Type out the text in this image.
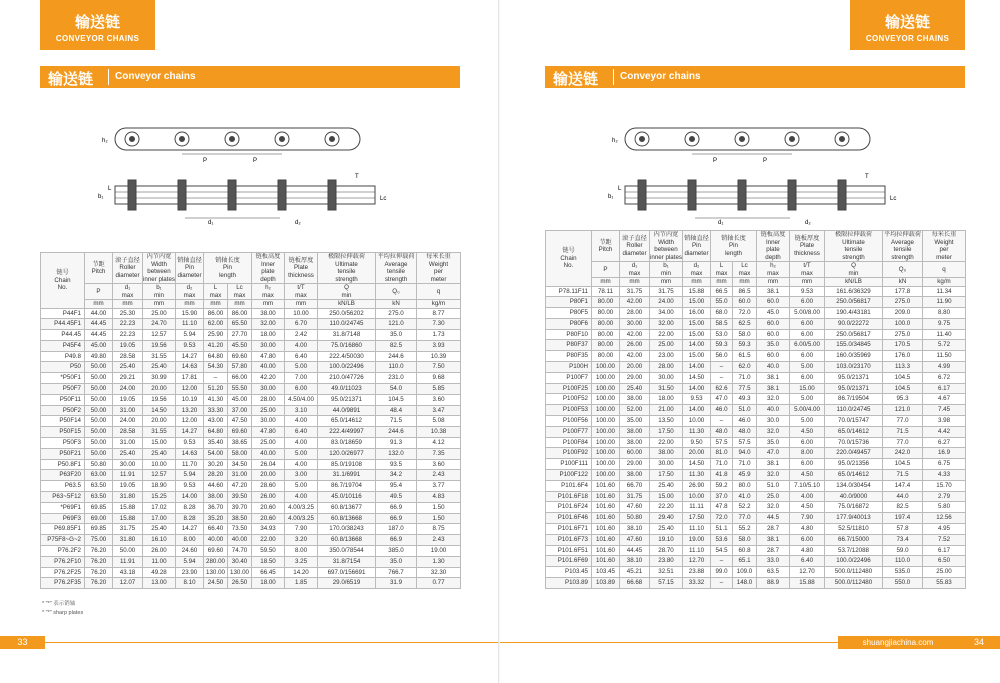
输送链
CONVEYOR CHAINS
输送链 Conveyor chains
P	P
h₂
d₁	d₂
b₁
L
Lc
T
链号
Chain
No.	节距
Pitch	滚子直径
Roller
diameter	内节内宽
Width
between
inner plates	销轴直径
Pin
diameter	销轴长度
Pin
length		链板高度
Inner
plate
depth	链板厚度
Plate
thickness	极限拉伸载荷
Ultimate
tensile
strength	平均拉伸载荷
Average
tensile
strength	每米长重
Weight
per
meter
	P	d₁
max	b₁
min	d₂
max	L
max	Lc
max	h₂
max	t/T
max	Q
min	Q₀	q
	mm	mm	mm	mm	mm	mm	mm	mm	kN/LB	kN	kg/m
P44F1	44.00	25.30	25.00	15.90	86.00	86.00	38.00	10.00	250.0/56202	275.0	8.77
P44.45F1	44.45	22.23	24.70	11.10	62.00	65.50	32.00	6.70	110.0/24745	121.0	7.30
P44.45	44.45	22.23	12.57	5.94	25.90	27.70	18.00	2.42	31.8/7148	35.0	1.73
P45F4	45.00	19.05	19.56	9.53	41.20	45.50	30.00	4.00	75.0/16860	82.5	3.93
P49.8	49.80	28.58	31.55	14.27	64.80	69.60	47.80	6.40	222.4/50030	244.6	10.39
P50	50.00	25.40	25.40	14.63	54.30	57.80	40.00	5.00	100.0/22496	110.0	7.50
*P50F1	50.00	29.21	30.99	17.81	–	66.00	42.20	7.00	210.0/47726	231.0	9.68
P50F7	50.00	24.00	20.00	12.00	51.20	55.50	30.00	6.00	49.0/11023	54.0	5.85
P50F11	50.00	19.05	19.56	10.19	41.30	45.00	28.00	4.50/4.00	95.0/21371	104.5	3.60
P50F2	50.00	31.00	14.50	13.20	33.30	37.00	25.00	3.10	44.0/9891	48.4	3.47
P50F14	50.00	24.00	20.00	12.00	43.00	47.50	30.00	4.00	65.0/14612	71.5	5.08
P50F15	50.00	28.58	31.55	14.27	64.80	69.60	47.80	6.40	222.4/49997	244.6	10.38
P50F3	50.00	31.00	15.00	9.53	35.40	38.65	25.00	4.00	83.0/18659	91.3	4.12
P50F21	50.00	25.40	25.40	14.63	54.00	58.00	40.00	5.00	120.0/26977	132.0	7.35
P50.8F1	50.80	30.00	10.00	11.70	30.20	34.50	26.04	4.00	85.0/19108	93.5	3.60
P63F20	63.00	11.91	12.57	5.94	28.20	31.00	20.00	3.00	31.1/6991	34.2	2.43
P63.5	63.50	19.05	18.90	9.53	44.60	47.20	28.60	5.00	86.7/19704	95.4	3.77
P63~5F12	63.50	31.80	15.25	14.00	38.00	39.50	26.00	4.00	45.0/10116	49.5	4.83
*P69F1	69.85	15.88	17.02	8.28	36.70	39.70	20.60	4.00/3.25	60.8/13677	66.9	1.50
P69F3	69.00	15.88	17.00	8.28	35.20	38.50	20.60	4.00/3.25	60.8/13668	66.9	1.50
P69.85F1	69.85	31.75	25.40	14.27	66.40	73.50	34.93	7.90	170.0/38243	187.0	8.75
P75F8~G~2	75.00	31.80	16.10	8.00	40.00	40.00	22.00	3.20	60.8/13668	66.9	2.43
P76.2F2	76.20	50.00	26.00	24.60	69.60	74.70	59.50	8.00	350.0/78544	385.0	19.00
P76.2F10	76.20	11.91	11.00	5.94	280.00	30.40	18.50	3.25	31.8/7154	35.0	1.30
P76.2F25	76.20	43.18	49.28	23.90	130.00	130.00	66.45	14.20	697.0/156691	766.7	32.30
P76.2F35	76.20	12.07	13.00	8.10	24.50	26.50	18.00	1.85	29.0/6519	31.9	0.77
* "*" 表示销轴
* "*" sharp plates
33
输送链
CONVEYOR CHAINS
输送链 Conveyor chains
P	P
h₂
d₁	d₂
b₁
L
Lc
T
链号
Chain
No.	节距
Pitch	滚子直径
Roller
diameter	内节内宽
Width
between
inner plates	销轴直径
Pin
diameter	销轴长度
Pin
length		链板高度
Inner
plate
depth	链板厚度
Plate
thickness	极限拉伸载荷
Ultimate
tensile
strength	平均拉伸载荷
Average
tensile
strength	每米长重
Weight
per
meter
	P	d₁
max	b₁
min	d₂
max	L
max	Lc
max	h₂
max	t/T
max	Q
min	Q₀	q
	mm	mm	mm	mm	mm	mm	mm	mm	kN/LB	kN	kg/m
P78.11F11	78.11	31.75	31.75	15.88	66.5	86.5	38.1	9.53	161.6/36329	177.8	11.34
P80F1	80.00	42.00	24.00	15.00	55.0	60.0	60.0	6.00	250.0/56817	275.0	11.90
P80F5	80.00	28.00	34.00	16.00	68.0	72.0	45.0	5.00/8.00	190.4/43181	209.0	8.80
P80F6	80.00	30.00	32.00	15.00	58.5	62.5	60.0	6.00	90.0/22272	100.0	9.75
P80F10	80.00	42.00	22.00	15.00	53.0	58.0	60.0	6.00	250.0/56817	275.0	11.40
P80F37	80.00	26.00	25.00	14.00	59.3	59.3	35.0	6.00/5.00	155.0/34845	170.5	5.72
P80F35	80.00	42.00	23.00	15.00	56.0	61.5	60.0	6.00	160.0/35969	176.0	11.50
P100H	100.00	20.00	28.00	14.00	–	62.0	40.0	5.00	103.0/23170	113.3	4.99
P100F7	100.00	29.00	30.00	14.50	–	71.0	38.1	6.00	95.0/21371	104.5	6.72
P100F25	100.00	25.40	31.50	14.00	62.6	77.5	38.1	15.00	95.0/21371	104.5	6.17
P100F52	100.00	38.00	18.00	9.53	47.0	49.3	32.0	5.00	86.7/19504	95.3	4.67
P100F53	100.00	52.00	21.00	14.00	46.0	51.0	40.0	5.00/4.00	110.0/24745	121.0	7.45
P100F56	100.00	35.00	13.50	10.00	–	46.0	30.0	5.00	70.0/15747	77.0	3.98
P100F77	100.00	38.00	17.50	11.30	48.0	48.0	32.0	4.50	65.0/14612	71.5	4.42
P100F84	100.00	38.00	22.00	9.50	57.5	57.5	35.0	6.00	70.0/15736	77.0	6.27
P100F92	100.00	60.00	38.00	20.00	81.0	94.0	47.0	8.00	220.0/49457	242.0	16.9
P100F111	100.00	29.00	30.00	14.50	71.0	71.0	38.1	6.00	95.0/21356	104.5	6.75
P100F122	100.00	38.00	17.50	11.30	41.8	45.9	32.0	4.50	65.0/14612	71.5	4.33
P101.6F4	101.60	66.70	25.40	26.90	59.2	80.0	51.0	7.10/5.10	134.0/30454	147.4	15.70
P101.6F18	101.60	31.75	15.00	10.00	37.0	41.0	25.0	4.00	40.0/9000	44.0	2.79
P101.6F24	101.60	47.60	22.20	11.11	47.8	52.2	32.0	4.50	75.0/16872	82.5	5.80
P101.6F46	101.60	50.80	29.40	17.50	72.0	77.0	44.5	7.90	177.9/40013	197.4	12.56
P101.6F71	101.60	38.10	25.40	11.10	51.1	55.2	28.7	4.80	52.5/11810	57.8	4.95
P101.6F73	101.60	47.60	19.10	19.00	53.6	58.0	38.1	6.00	66.7/15000	73.4	7.52
P101.6F51	101.60	44.45	28.70	11.10	54.5	60.8	28.7	4.80	53.7/12088	59.0	6.17
P101.6F69	101.60	38.10	23.80	12.70	–	65.1	33.0	6.40	100.0/22496	110.0	6.50
P103.45	103.45	45.21	32.51	23.88	99.0	109.0	63.5	12.70	500.0/112480	535.0	25.00
P103.89	103.89	66.68	57.15	33.32	–	148.0	88.9	15.88	500.0/112480	550.0	55.83
shuangjiachina.com	34
